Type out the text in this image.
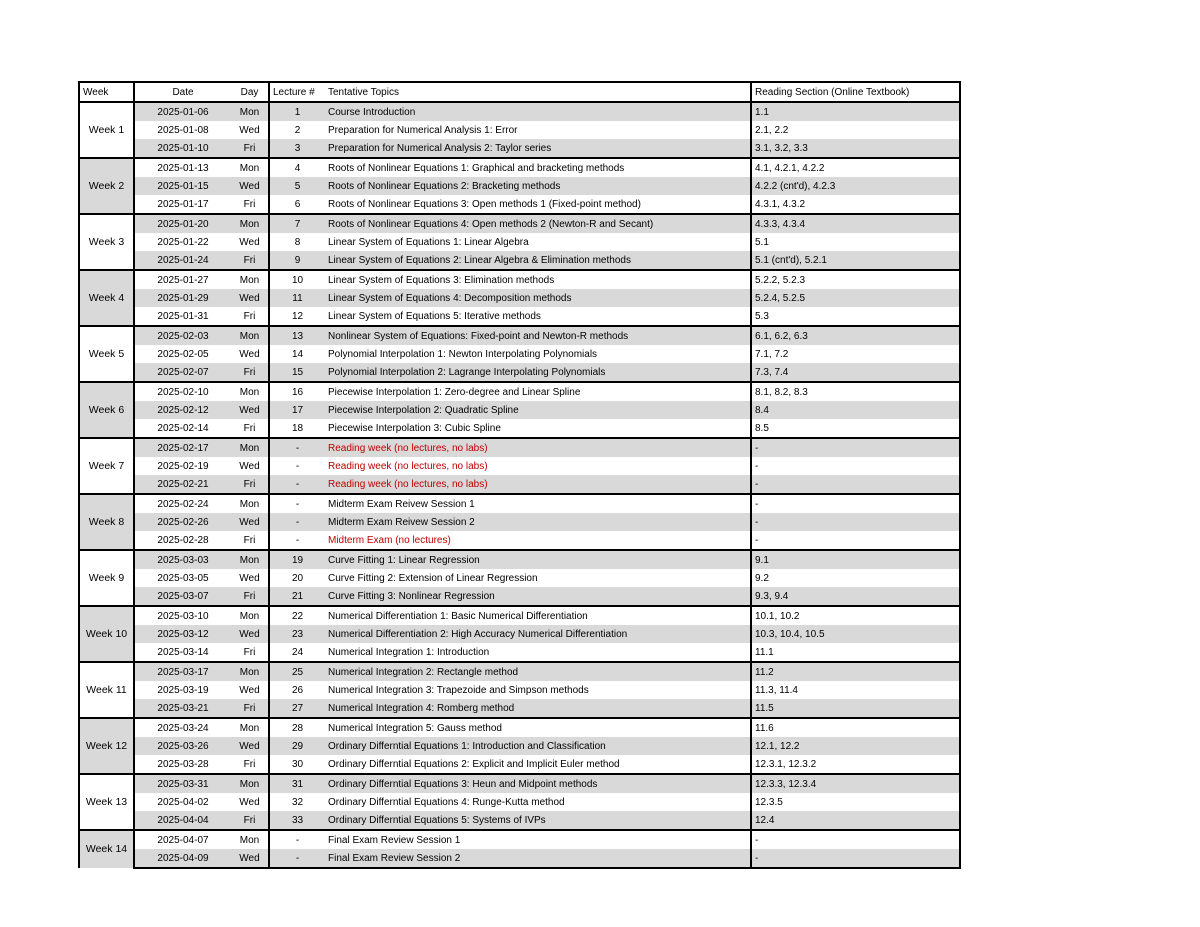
Week	Date	Day	Lecture #	Tentative Topics	Reading Section (Online Textbook)
Week 1	2025-01-06	Mon	1	Course Introduction	1.1
	2025-01-08	Wed	2	Preparation for Numerical Analysis 1: Error	2.1, 2.2
	2025-01-10	Fri	3	Preparation for Numerical Analysis 2: Taylor series	3.1, 3.2, 3.3
Week 2	2025-01-13	Mon	4	Roots of Nonlinear Equations 1: Graphical and bracketing methods	4.1, 4.2.1, 4.2.2
	2025-01-15	Wed	5	Roots of Nonlinear Equations 2: Bracketing methods	4.2.2 (cnt'd), 4.2.3
	2025-01-17	Fri	6	Roots of Nonlinear Equations 3: Open methods 1 (Fixed-point method)	4.3.1, 4.3.2
Week 3	2025-01-20	Mon	7	Roots of Nonlinear Equations 4: Open methods 2 (Newton-R and Secant)	4.3.3, 4.3.4
	2025-01-22	Wed	8	Linear System of Equations 1: Linear Algebra	5.1
	2025-01-24	Fri	9	Linear System of Equations 2: Linear Algebra & Elimination methods	5.1 (cnt'd), 5.2.1
Week 4	2025-01-27	Mon	10	Linear System of Equations 3: Elimination methods	5.2.2, 5.2.3
	2025-01-29	Wed	11	Linear System of Equations 4: Decomposition methods	5.2.4, 5.2.5
	2025-01-31	Fri	12	Linear System of Equations 5: Iterative methods	5.3
Week 5	2025-02-03	Mon	13	Nonlinear System of Equations: Fixed-point and Newton-R methods	6.1, 6.2, 6.3
	2025-02-05	Wed	14	Polynomial Interpolation 1: Newton Interpolating Polynomials	7.1, 7.2
	2025-02-07	Fri	15	Polynomial Interpolation 2: Lagrange Interpolating Polynomials	7.3, 7.4
Week 6	2025-02-10	Mon	16	Piecewise Interpolation 1: Zero-degree and Linear Spline	8.1, 8.2, 8.3
	2025-02-12	Wed	17	Piecewise Interpolation 2: Quadratic Spline	8.4
	2025-02-14	Fri	18	Piecewise Interpolation 3: Cubic Spline	8.5
Week 7	2025-02-17	Mon	-	Reading week (no lectures, no labs)	-
	2025-02-19	Wed	-	Reading week (no lectures, no labs)	-
	2025-02-21	Fri	-	Reading week (no lectures, no labs)	-
Week 8	2025-02-24	Mon	-	Midterm Exam Reivew Session 1	-
	2025-02-26	Wed	-	Midterm Exam Reivew Session 2	-
	2025-02-28	Fri	-	Midterm Exam (no lectures)	-
Week 9	2025-03-03	Mon	19	Curve Fitting 1: Linear Regression	9.1
	2025-03-05	Wed	20	Curve Fitting 2: Extension of Linear Regression	9.2
	2025-03-07	Fri	21	Curve Fitting 3: Nonlinear Regression	9.3, 9.4
Week 10	2025-03-10	Mon	22	Numerical Differentiation 1: Basic Numerical Differentiation	10.1, 10.2
	2025-03-12	Wed	23	Numerical Differentiation 2: High Accuracy Numerical Differentiation	10.3, 10.4, 10.5
	2025-03-14	Fri	24	Numerical Integration 1: Introduction	11.1
Week 11	2025-03-17	Mon	25	Numerical Integration 2: Rectangle method	11.2
	2025-03-19	Wed	26	Numerical Integration 3: Trapezoide and Simpson methods	11.3, 11.4
	2025-03-21	Fri	27	Numerical Integration 4: Romberg method	11.5
Week 12	2025-03-24	Mon	28	Numerical Integration 5: Gauss method	11.6
	2025-03-26	Wed	29	Ordinary Differntial Equations 1: Introduction and Classification	12.1, 12.2
	2025-03-28	Fri	30	Ordinary Differntial Equations 2: Explicit and Implicit Euler method	12.3.1, 12.3.2
Week 13	2025-03-31	Mon	31	Ordinary Differntial Equations 3: Heun and Midpoint methods	12.3.3, 12.3.4
	2025-04-02	Wed	32	Ordinary Differntial Equations 4: Runge-Kutta method	12.3.5
	2025-04-04	Fri	33	Ordinary Differntial Equations 5: Systems of IVPs	12.4
Week 14	2025-04-07	Mon	-	Final Exam Review Session 1	-
	2025-04-09	Wed	-	Final Exam Review Session 2	-
